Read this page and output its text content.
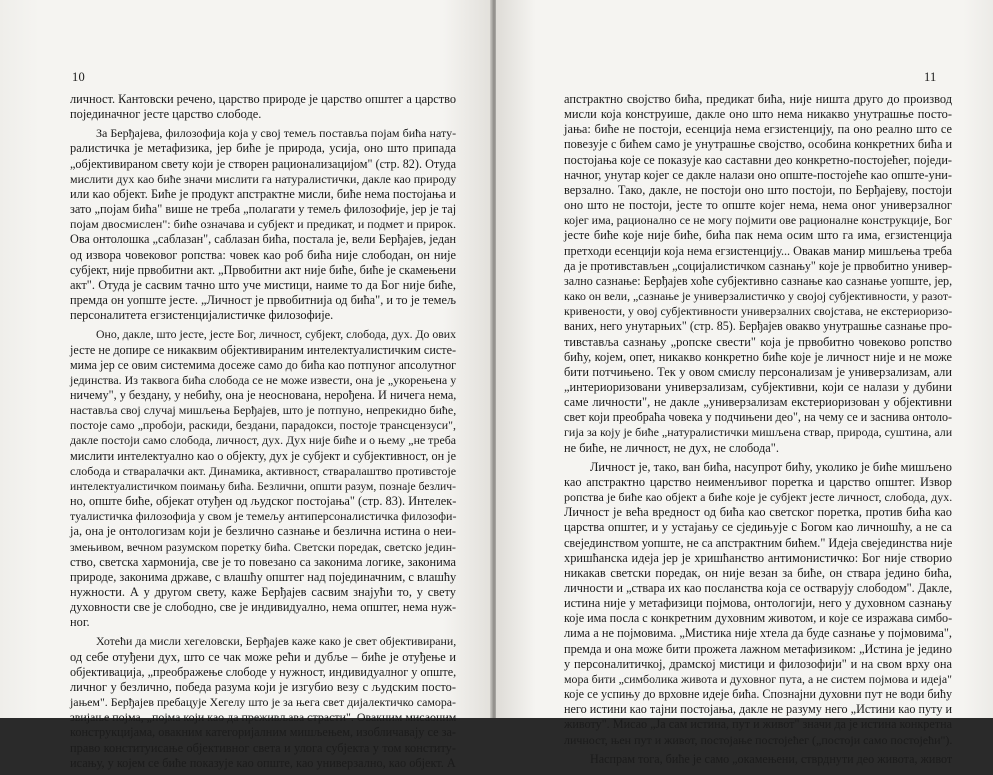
10
личност. Кантовски речено, царство природе је царство општег а царство
појединачног јесте царство слободе.
За Берђајева, филозофија која у свој темељ поставља појам бића нату-
ралистичка је метафизика, јер биће је природа, усија, оно што припада
„објективираном свету који је створен рационализацијом" (стр. 82). Отуда
мислити дух као биће значи мислити га натуралистички, дакле као природу
или као објект. Биће је продукт апстрактне мисли, биће нема постојања и
зато „појам бића" више не треба „полагати у темељ филозофије, јер је тај
појам двосмислен": биће означава и субјект и предикат, и подмет и прирок.
Ова онтолошка „саблазан", саблазан бића, постала је, вели Берђајев, један
од извора човековог ропства: човек као роб бића није слободан, он није
субјект, није првобитни акт. „Првобитни акт није биће, биће је скамењени
акт". Отуда је сасвим тачно што уче мистици, наиме то да Бог није биће,
премда он уопште јесте. „Личност је првобитнија од бића", и то је темељ
персоналитета егзистенцијалистичке филозофије.
Оно, дакле, што јесте, јесте Бог, личност, субјект, слобода, дух. До ових
јесте не допире се никаквим објективираним интелектуалистичким систе-
мима јер се овим системима досеже само до бића као потпуног апсолутног
јединства. Из таквога бића слобода се не може извести, она је „укорењена у
ничему", у бездану, у небићу, она је неоснована, нерођена. И ничега нема,
наставља свој случај мишљења Берђајев, што је потпуно, непрекидно биће,
постоје само „пробоји, раскиди, бездани, парадокси, постоје трансцензуси",
дакле постоји само слобода, личност, дух. Дух није биће и о њему „не треба
мислити интелектуално као о објекту, дух је субјект и субјективност, он је
слобода и стваралачки акт. Динамика, активност, стваралаштво противстоје
интелектуалистичком поимању бића. Безлични, општи разум, познаје безлич-
но, опште биће, објекат отуђен од људског постојања" (стр. 83). Интелек-
туалистичка филозофија у свом је темељу антиперсоналистичка филозофи-
ја, она је онтологизам који је безлично сазнање и безлична истина о неи-
змењивом, вечном разумском поретку бића. Светски поредак, светско једин-
ство, светска хармонија, све је то повезано са законима логике, законима
природе, законима државе, с влашћу општег над појединачним, с влашћу
нужности. А у другом свету, каже Берђајев сасвим знајући то, у свету
духовности све је слободно, све је индивидуално, нема општег, нема нуж-
ног.
Хотећи да мисли хегеловски, Берђајев каже како је свет објективирани,
од себе отуђени дух, што се чак може рећи и дубље – биће је отуђење и
објективација, „преображење слободе у нужност, индивидуалног у опште,
личног у безлично, победа разума који је изгубио везу с људским посто-
јањем". Берђајев пребацује Хегелу што је за њега свет дијалектичко саморa-
звијање појма, „појма који као да преживљава страсти". Овакним мисаоним
конструкцијама, овакним категоријалним мишљењем, изобличавају се за-
право конституисање објективног света и улога субјекта у том конститу-
исању, у којем се биће показује као опште, као универзално, као објект. А
11
апстрактно својство бића, предикат бића, није ништа друго до производ
мисли која конструише, дакле оно што нема никакво унутрашње посто-
јања: биће не постоји, есенција нема егзистенцију, па оно реално што се
повезује с бићем само је унутрашње својство, особина конкретних бића и
постојања које се показује као саставни део конкретно-постојећег, поједи-
начног, унутар којег се дакле налази оно опште-постојеће као опште-уни-
верзално. Тако, дакле, не постоји оно што постоји, по Берђајеву, постоји
оно што не постоји, јесте то опште којег нема, нема оног универзалног
којег има, рационално се не могу појмити ове рационалне конструкције, Бог
јесте биће које није биће, бића пак нема осим што га има, егзистенција
претходи есенцији која нема егзистенцију... Овакав манир мишљења треба
да је противстављен „социјалистичком сазнању" које је првобитно универ-
зално сазнање: Берђајев хоће субјективно сазнање као сазнање уопште, јер,
како он вели, „сазнање је универзалистичко у својој субјективности, у разот-
кривености, у овој субјективности универзалних својстава, не екстериоризо-
ваних, него унутарњих" (стр. 85). Берђајев овакво унутрашње сазнање про-
тивставља сазнању „ропске свести" која је првобитно човеково ропство
бићу, којем, опет, никакво конкретно биће које је личност није и не може
бити потчињено. Тек у овом смислу персонализам је универзализам, али
„интериоризовани универзализам, субјективни, који се налази у дубини
саме личности", не дакле „универзализам екстериоризован у објективни
свет који преобраћа човека у подчињени део", на чему се и заснива онтоло-
гија за коју је биће „натуралистички мишљена ствар, природа, суштина, али
не биће, не личност, не дух, не слобода".
Личност је, тако, ван бића, насупрот бићу, уколико је биће мишљено
као апстрактно царство неименљивог поретка и царство општег. Извор
ропства је биће као објект а биће које је субјект јесте личност, слобода, дух.
Личност је већа вредност од бића као светског поретка, против бића као
царства општег, и у устајању се сједињује с Богом као личношћу, а не са
свејединством уопште, не са апстрактним бићем." Идеја свејединства није
хришћанска идеја јер је хришћанство антимонистичко: Бог није створио
никакав светски поредак, он није везан за биће, он ствара једино бића,
личности и „ствара их као посланства која се остварују слободом". Дакле,
истина није у метафизици појмова, онтологији, него у духовном сазнању
које има посла с конкретним духовним животом, и које се изражава симбо-
лима а не појмовима. „Мистика није хтела да буде сазнање у појмовима",
премда и она може бити прожета лажном метафизиком: „Истина је једино
у персоналитичкој, драмској мистици и филозофији" и на свом врху она
мора бити „симболика живота и духовног пута, а не систем појмова и идеја"
које се успињу до врховне идеје бића. Спознајни духовни пут не води бићу
него истини као тајни постојања, дакле не разуму него „Истини као путу и
животу". Мисао „Ја сам истина, пут и живот" значи да је истина конкретна
личност, њен пут и живот, постојање постојећег („постоји само постојећи").
Наспрам тога, биће је само „окамењени, стврднути део живота, живот
